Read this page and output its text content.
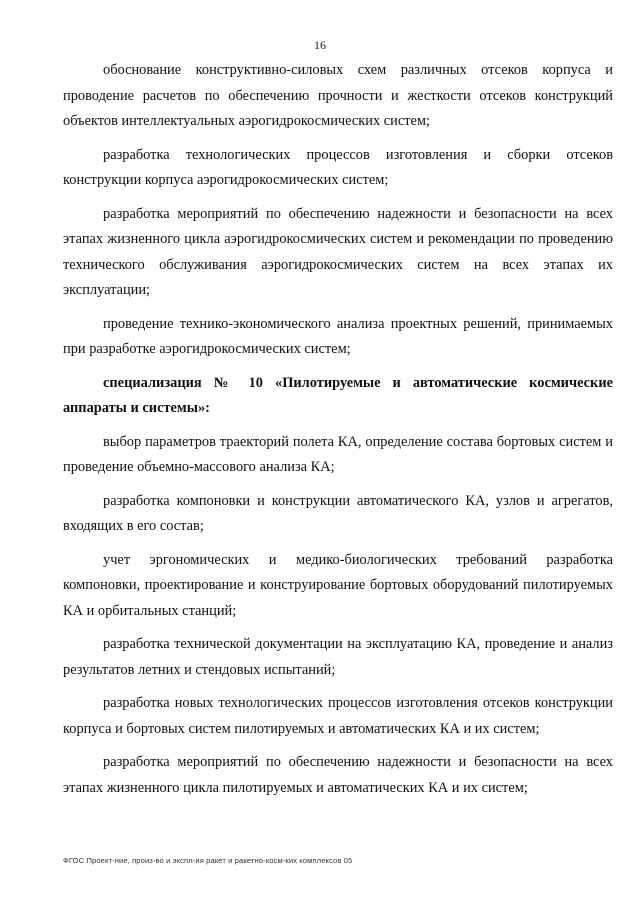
16

обоснование конструктивно-силовых схем различных отсеков корпуса и проводение расчетов по обеспечению прочности и жесткости отсеков конструкций объектов интеллектуальных аэрогидрокосмических систем;

разработка технологических процессов изготовления и сборки отсеков конструкции корпуса аэрогидрокосмических систем;

разработка мероприятий по обеспечению надежности и безопасности на всех этапах жизненного цикла аэрогидрокосмических систем и рекомендации по проведению технического обслуживания аэрогидрокосмических систем на всех этапах их эксплуатации;

проведение технико-экономического анализа проектных решений, принимаемых при разработке аэрогидрокосмических систем;

специализация № 10 «Пилотируемые и автоматические космические аппараты и системы»:

выбор параметров траекторий полета КА, определение состава бортовых систем и проведение объемно-массового анализа КА;

разработка компоновки и конструкции автоматического КА, узлов и агрегатов, входящих в его состав;

учет эргономических и медико-биологических требований разработка компоновки, проектирование и конструирование бортовых оборудований пилотируемых КА и орбитальных станций;

разработка технической документации на эксплуатацию КА, проведение и анализ результатов летних и стендовых испытаний;

разработка новых технологических процессов изготовления отсеков конструкции корпуса и бортовых систем пилотируемых и автоматических КА и их систем;

разработка мероприятий по обеспечению надежности и безопасности на всех этапах жизненного цикла пилотируемых и автоматических КА и их систем;

ФГОС Проект-ние, произ-во и экспл-ия ракет и ракетно-косм-ких комплексов 05
